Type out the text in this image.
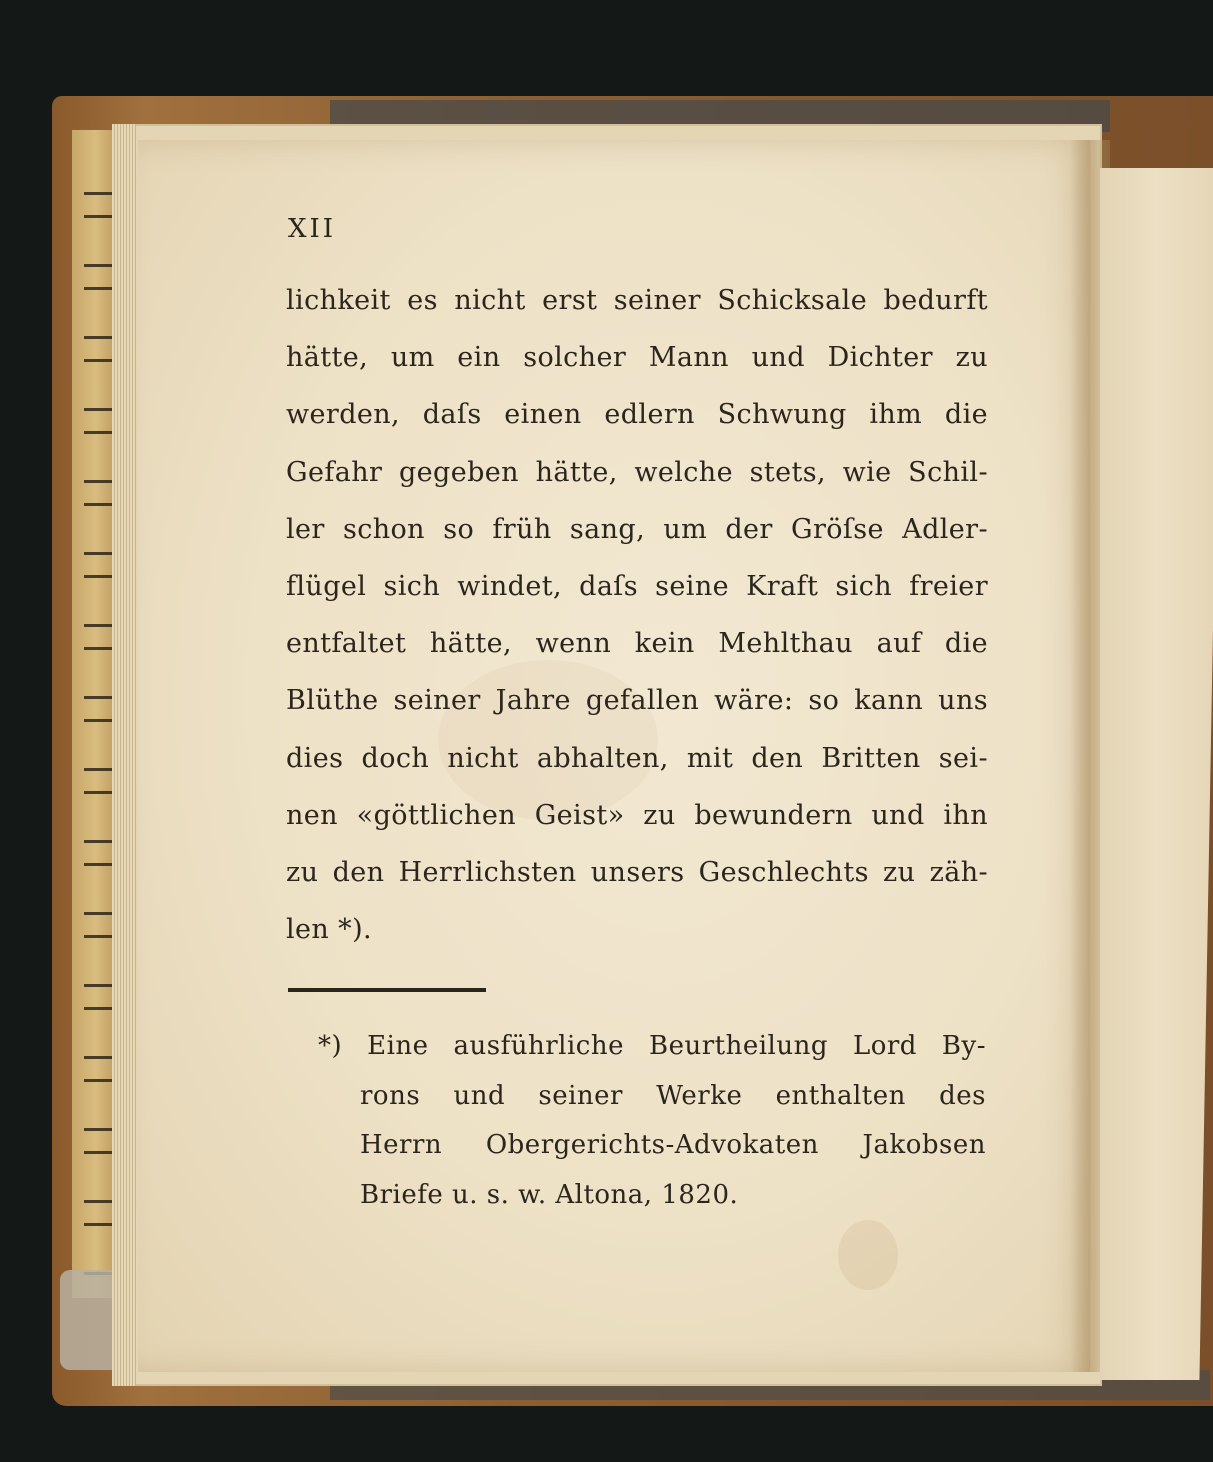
XII
lichkeit es nicht erst seiner Schicksale bedurft
hätte, um ein solcher Mann und Dichter zu
werden, daſs einen edlern Schwung ihm die
Gefahr gegeben hätte, welche stets, wie Schil-
ler schon so früh sang, um der Gröſse Adler-
flügel sich windet, daſs seine Kraft sich freier
entfaltet hätte, wenn kein Mehlthau auf die
Blüthe seiner Jahre gefallen wäre: so kann uns
dies doch nicht abhalten, mit den Britten sei-
nen «göttlichen Geist» zu bewundern und ihn
zu den Herrlichsten unsers Geschlechts zu zäh-
len *).
*) Eine ausführliche Beurtheilung Lord By-
rons und seiner Werke enthalten des
Herrn Obergerichts-Advokaten Jakobsen
Briefe u. s. w. Altona, 1820.
